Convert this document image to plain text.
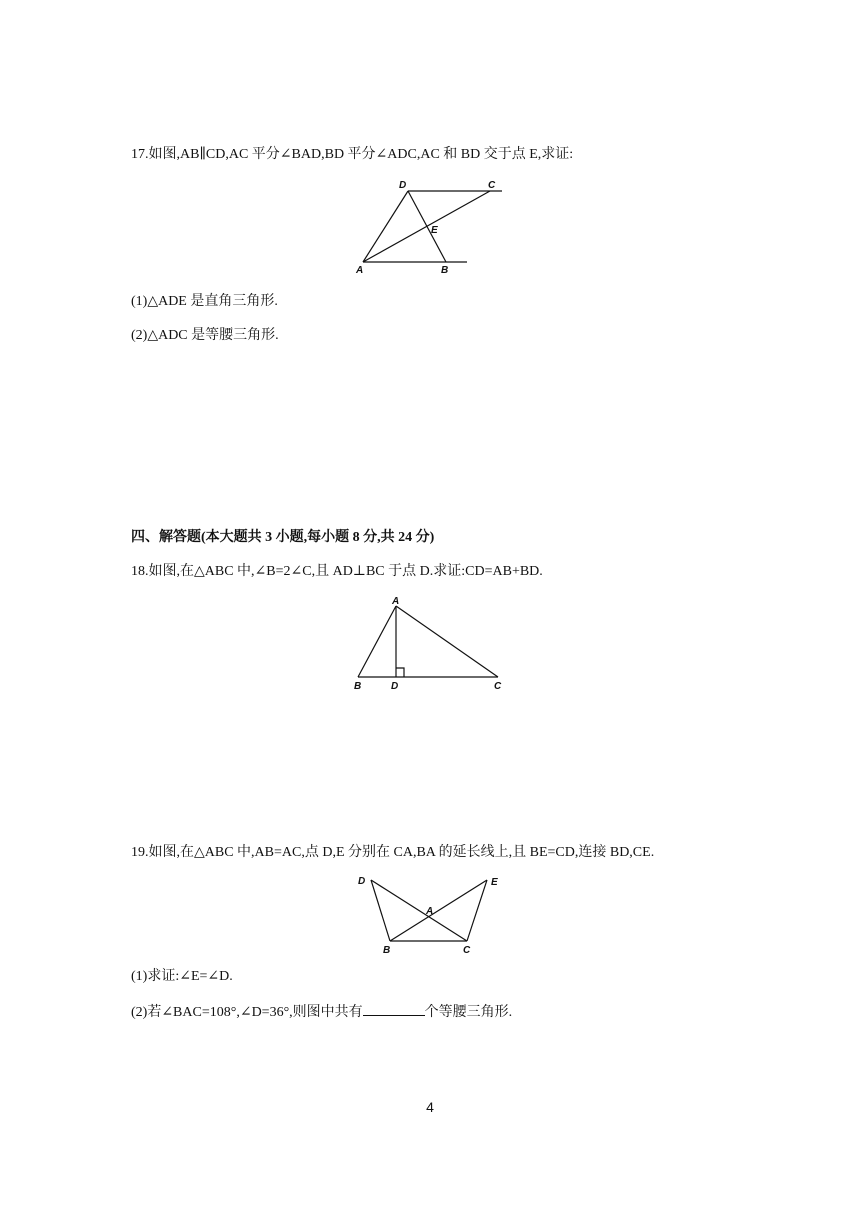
17.如图,AB∥CD,AC 平分∠BAD,BD 平分∠ADC,AC 和 BD 交于点 E,求证:
D	C
E
A	B
(1)△ADE 是直角三角形.
(2)△ADC 是等腰三角形.
四、解答题(本大题共 3 小题,每小题 8 分,共 24 分)
18.如图,在△ABC 中,∠B=2∠C,且 AD⊥BC 于点 D.求证:CD=AB+BD.
A
B	D	C
19.如图,在△ABC 中,AB=AC,点 D,E 分别在 CA,BA 的延长线上,且 BE=CD,连接 BD,CE.
D	E
A
B	C
(1)求证:∠E=∠D.
(2)若∠BAC=108°,∠D=36°,则图中共有	个等腰三角形.
4
